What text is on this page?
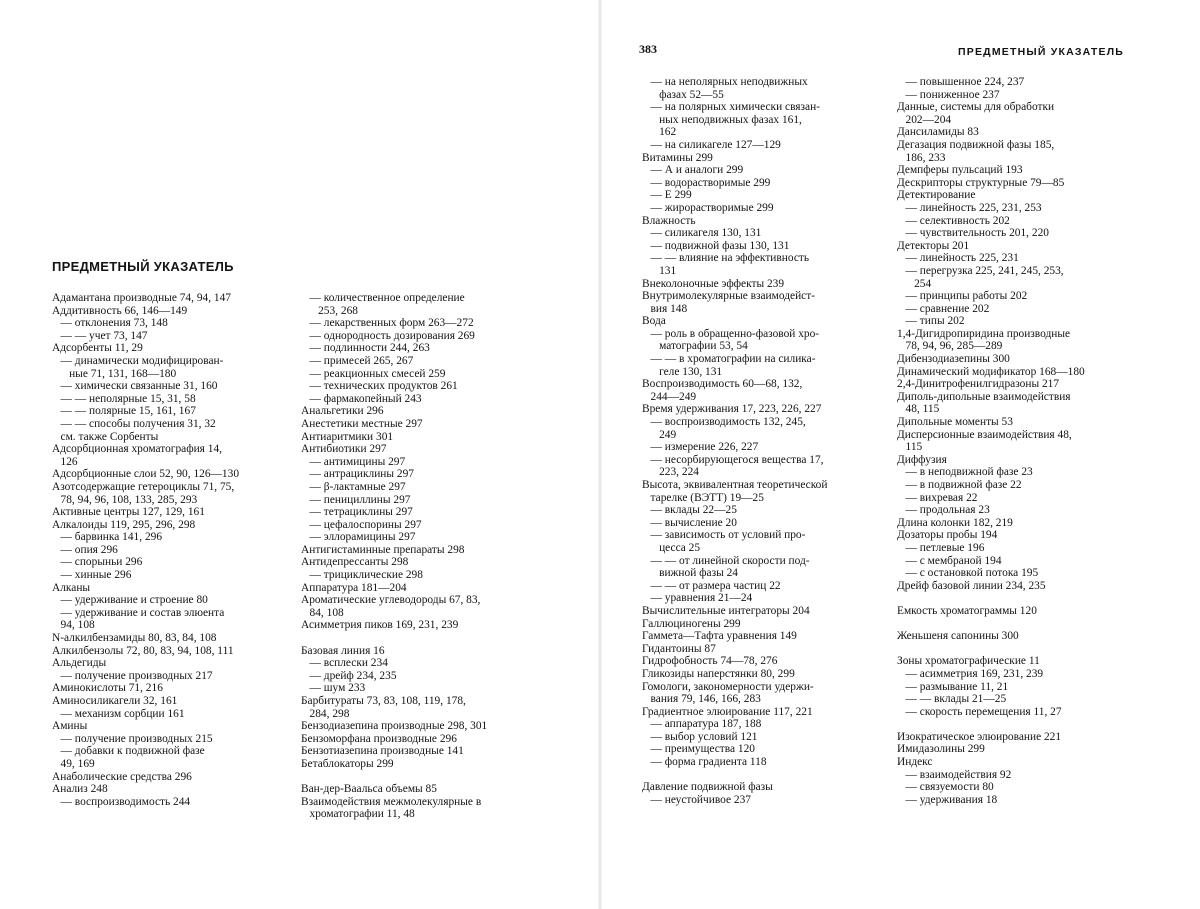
ПРЕДМЕТНЫЙ УКАЗАТЕЛЬ
Адамантана производные 74, 94, 147
Аддитивность 66, 146—149
— отклонения 73, 148
— — учет 73, 147
Адсорбенты 11, 29
— динамически модифицирован-
ные 71, 131, 168—180
— химически связанные 31, 160
— — неполярные 15, 31, 58
— — полярные 15, 161, 167
— — способы получения 31, 32
см. также Сорбенты
Адсорбционная хроматография 14,
126
Адсорбционные слои 52, 90, 126—130
Азотсодержащие гетероциклы 71, 75,
78, 94, 96, 108, 133, 285, 293
Активные центры 127, 129, 161
Алкалоиды 119, 295, 296, 298
— барвинка 141, 296
— опия 296
— спорыньи 296
— хинные 296
Алканы
— удерживание и строение 80
— удерживание и состав элюента
94, 108
N-алкилбензамиды 80, 83, 84, 108
Алкилбензолы 72, 80, 83, 94, 108, 111
Альдегиды
— получение производных 217
Аминокислоты 71, 216
Аминосиликагели 32, 161
— механизм сорбции 161
Амины
— получение производных 215
— добавки к подвижной фазе
49, 169
Анаболические средства 296
Анализ 248
— воспроизводимость 244
— количественное определение
253, 268
— лекарственных форм 263—272
— однородность дозирования 269
— подлинности 244, 263
— примесей 265, 267
— реакционных смесей 259
— технических продуктов 261
— фармакопейный 243
Анальгетики 296
Анестетики местные 297
Антиаритмики 301
Антибиотики 297
— антимицины 297
— антрациклины 297
— β-лактамные 297
— пенициллины 297
— тетрациклины 297
— цефалоспорины 297
— эллорамицины 297
Антигистаминные препараты 298
Антидепрессанты 298
— трициклические 298
Аппаратура 181—204
Ароматические углеводороды 67, 83,
84, 108
Асимметрия пиков 169, 231, 239
Базовая линия 16
— всплески 234
— дрейф 234, 235
— шум 233
Барбитураты 73, 83, 108, 119, 178,
284, 298
Бензодиазепина производные 298, 301
Бензоморфана производные 296
Бензотиазепина производные 141
Бетаблокаторы 299
Ван-дер-Ваальса объемы 85
Взаимодействия межмолекулярные в
хроматографии 11, 48
383	ПРЕДМЕТНЫЙ УКАЗАТЕЛЬ
— на неполярных неподвижных
фазах 52—55
— на полярных химически связан-
ных неподвижных фазах 161,
162
— на силикагеле 127—129
Витамины 299
— А и аналоги 299
— водорастворимые 299
— Е 299
— жирорастворимые 299
Влажность
— силикагеля 130, 131
— подвижной фазы 130, 131
— — влияние на эффективность
131
Внеколоночные эффекты 239
Внутримолекулярные взаимодейст-
вия 148
Вода
— роль в обращенно-фазовой хро-
матографии 53, 54
— — в хроматографии на силика-
геле 130, 131
Воспроизводимость 60—68, 132,
244—249
Время удерживания 17, 223, 226, 227
— воспроизводимость 132, 245,
249
— измерение 226, 227
— несорбирующегося вещества 17,
223, 224
Высота, эквивалентная теоретической
тарелке (ВЭТТ) 19—25
— вклады 22—25
— вычисление 20
— зависимость от условий про-
цесса 25
— — от линейной скорости под-
вижной фазы 24
— — от размера частиц 22
— уравнения 21—24
Вычислительные интеграторы 204
Галлюциногены 299
Гаммета—Тафта уравнения 149
Гидантоины 87
Гидрофобность 74—78, 276
Гликозиды наперстянки 80, 299
Гомологи, закономерности удержи-
вания 79, 146, 166, 283
Градиентное элюирование 117, 221
— аппаратура 187, 188
— выбор условий 121
— преимущества 120
— форма градиента 118
Давление подвижной фазы
— неустойчивое 237
— повышенное 224, 237
— пониженное 237
Данные, системы для обработки
202—204
Дансиламиды 83
Дегазация подвижной фазы 185,
186, 233
Демпферы пульсаций 193
Дескрипторы структурные 79—85
Детектирование
— линейность 225, 231, 253
— селективность 202
— чувствительность 201, 220
Детекторы 201
— линейность 225, 231
— перегрузка 225, 241, 245, 253,
254
— принципы работы 202
— сравнение 202
— типы 202
1,4-Дигидропиридина производные
78, 94, 96, 285—289
Дибензодиазепины 300
Динамический модификатор 168—180
2,4-Динитрофенилгидразоны 217
Диполь-дипольные взаимодействия
48, 115
Дипольные моменты 53
Дисперсионные взаимодействия 48,
115
Диффузия
— в неподвижной фазе 23
— в подвижной фазе 22
— вихревая 22
— продольная 23
Длина колонки 182, 219
Дозаторы пробы 194
— петлевые 196
— с мембраной 194
— с остановкой потока 195
Дрейф базовой линии 234, 235
Емкость хроматограммы 120
Женьшеня сапонины 300
Зоны хроматографические 11
— асимметрия 169, 231, 239
— размывание 11, 21
— — вклады 21—25
— скорость перемещения 11, 27
Изократическое элюирование 221
Имидазолины 299
Индекс
— взаимодействия 92
— связуемости 80
— удерживания 18
